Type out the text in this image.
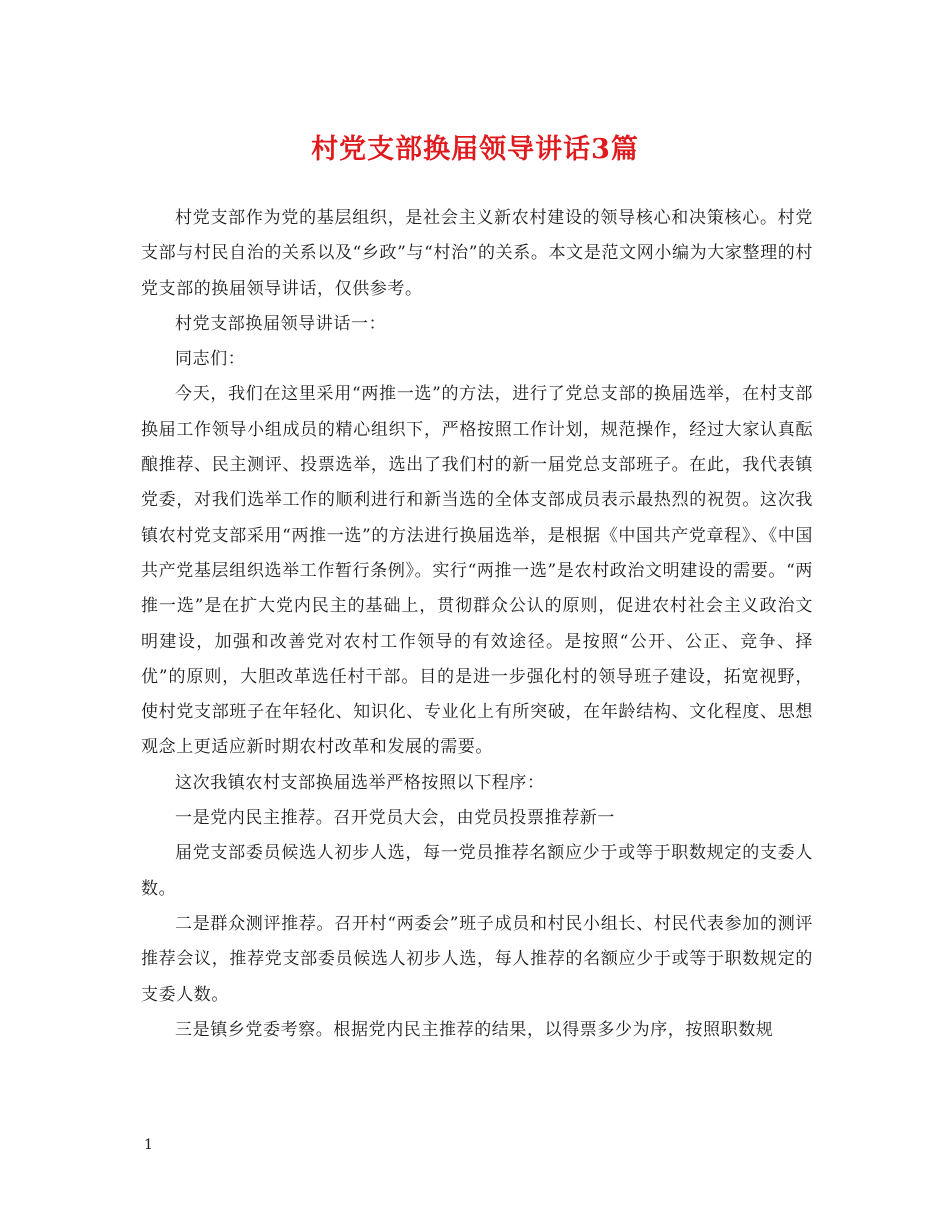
村党支部换届领导讲话3篇

村党支部作为党的基层组织，是社会主义新农村建设的领导核心和决策核心。村党支部与村民自治的关系以及“乡政”与“村治”的关系。本文是范文网小编为大家整理的村党支部的换届领导讲话，仅供参考。

村党支部换届领导讲话一：

同志们：

今天，我们在这里采用“两推一选”的方法，进行了党总支部的换届选举，在村支部换届工作领导小组成员的精心组织下，严格按照工作计划，规范操作，经过大家认真酝酿推荐、民主测评、投票选举，选出了我们村的新一届党总支部班子。在此，我代表镇党委，对我们选举工作的顺利进行和新当选的全体支部成员表示最热烈的祝贺。这次我镇农村党支部采用“两推一选”的方法进行换届选举，是根据《中国共产党章程》、《中国共产党基层组织选举工作暂行条例》。实行“两推一选”是农村政治文明建设的需要。“两推一选”是在扩大党内民主的基础上，贯彻群众公认的原则，促进农村社会主义政治文明建设，加强和改善党对农村工作领导的有效途径。是按照“公开、公正、竞争、择优”的原则，大胆改革选任村干部。目的是进一步强化村的领导班子建设，拓宽视野，使村党支部班子在年轻化、知识化、专业化上有所突破，在年龄结构、文化程度、思想观念上更适应新时期农村改革和发展的需要。

这次我镇农村支部换届选举严格按照以下程序：

一是党内民主推荐。召开党员大会，由党员投票推荐新一

届党支部委员候选人初步人选，每一党员推荐名额应少于或等于职数规定的支委人数。

二是群众测评推荐。召开村“两委会”班子成员和村民小组长、村民代表参加的测评推荐会议，推荐党支部委员候选人初步人选，每人推荐的名额应少于或等于职数规定的支委人数。

三是镇乡党委考察。根据党内民主推荐的结果，以得票多少为序，按照职数规

1
